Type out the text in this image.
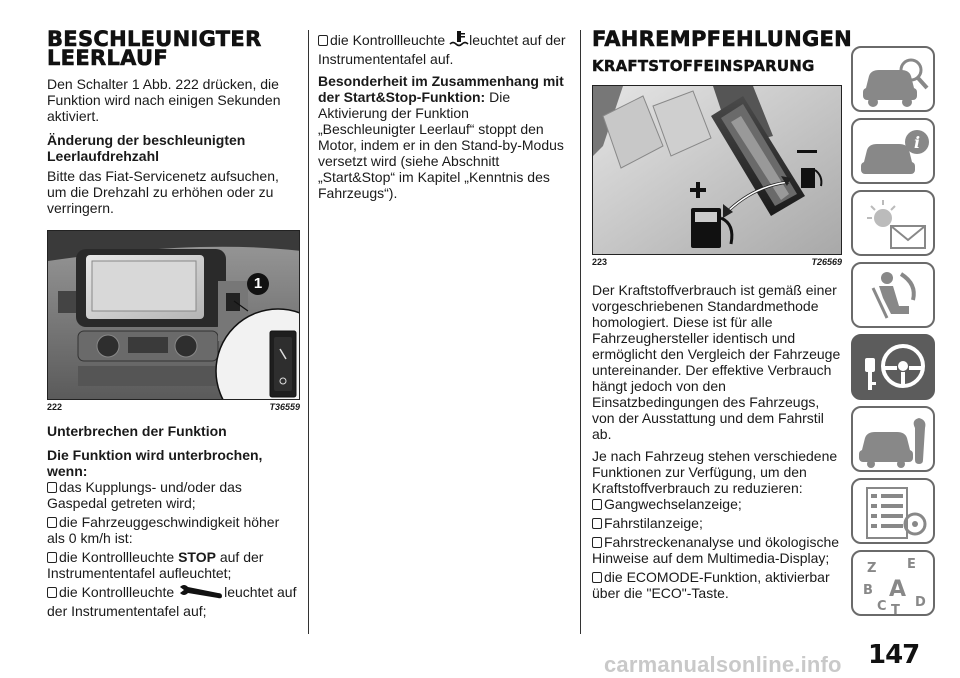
BESCHLEUNIGTER LEERLAUF

Den Schalter 1 Abb. 222 drücken, die Funktion wird nach einigen Sekunden aktiviert.

Änderung der beschleunigten Leerlaufdrehzahl

Bitte das Fiat-Servicenetz aufsuchen, um die Drehzahl zu erhöhen oder zu verringern.

1
222	T36559
Unterbrechen der Funktion
Die Funktion wird unterbrochen, wenn:
das Kupplungs- und/oder das Gaspedal getreten wird;
die Fahrzeuggeschwindigkeit höher als 0 km/h ist:
die Kontrollleuchte STOP auf der Instrumententafel aufleuchtet;
die Kontrollleuchte	leuchtet auf der Instrumententafel auf;
die Kontrollleuchte leuchtet auf der Instrumententafel auf.

Besonderheit im Zusammenhang mit der Start&Stop-Funktion: Die Aktivierung der Funktion „Beschleunigter Leerlauf“ stoppt den Motor, indem er in den Stand-by-Modus versetzt wird (siehe Abschnitt „Start&Stop“ im Kapitel „Kenntnis des Fahrzeugs“).

FAHREMPFEHLUNGEN
KRAFTSTOFFEINSPARUNG
223	T26569

Der Kraftstoffverbrauch ist gemäß einer vorgeschriebenen Standardmethode homologiert. Diese ist für alle Fahrzeughersteller identisch und ermöglicht den Vergleich der Fahrzeuge untereinander. Der effektive Verbrauch hängt jedoch von den Einsatzbedingungen des Fahrzeugs, von der Ausstattung und dem Fahrstil ab.

Je nach Fahrzeug stehen verschiedene Funktionen zur Verfügung, um den Kraftstoffverbrauch zu reduzieren:

Gangwechselanzeige;
Fahrstilanzeige;
Fahrstreckenanalyse und ökologische Hinweise auf dem Multimedia-Display;
die ECOMODE-Funktion, aktivierbar über die "ECO"-Taste.
i
Z E
B A
C T
D
147
carmanualsonline.info
